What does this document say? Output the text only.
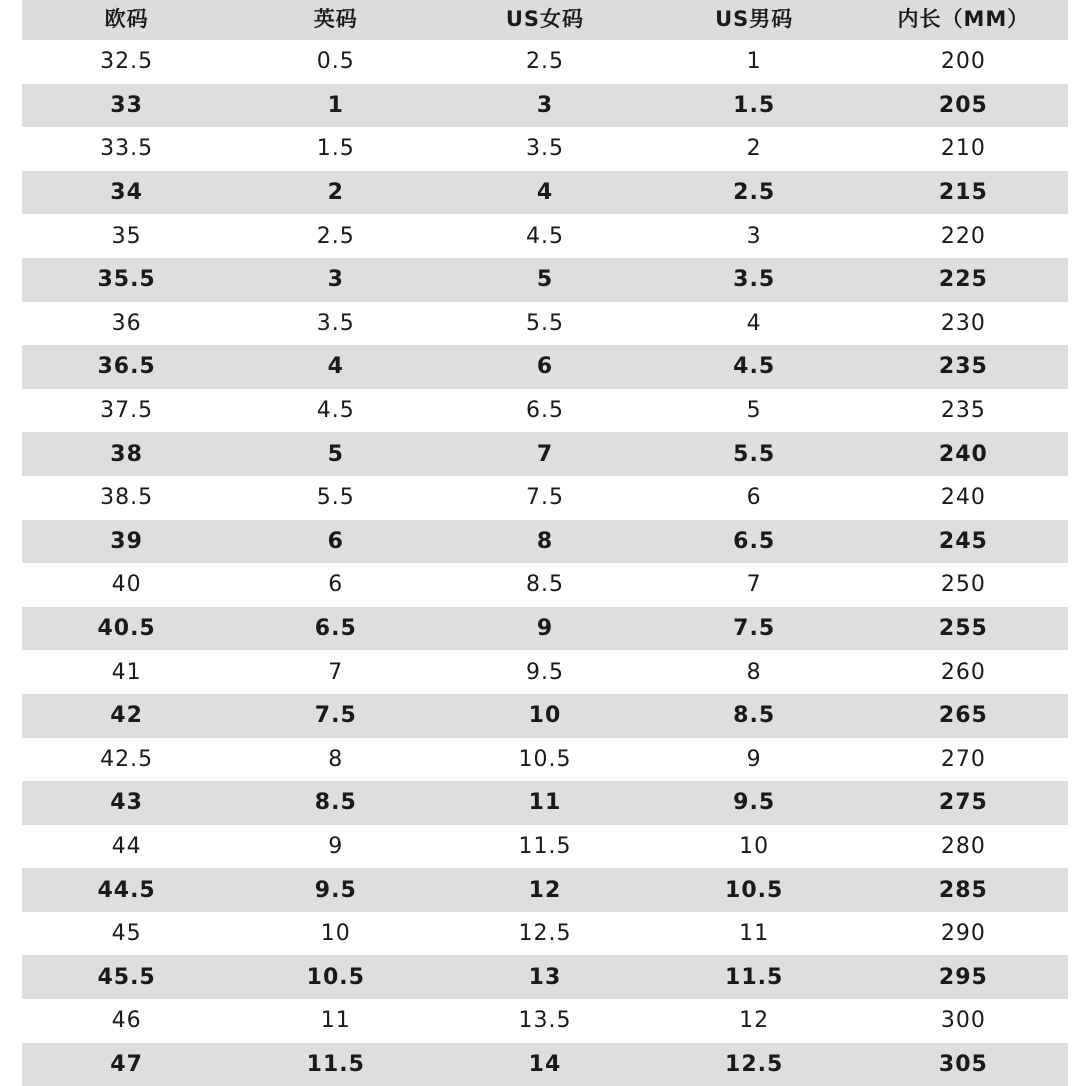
欧码	英码	US女码	US男码	内长（MM）
32.5	0.5	2.5	1	200
33	1	3	1.5	205
33.5	1.5	3.5	2	210
34	2	4	2.5	215
35	2.5	4.5	3	220
35.5	3	5	3.5	225
36	3.5	5.5	4	230
36.5	4	6	4.5	235
37.5	4.5	6.5	5	235
38	5	7	5.5	240
38.5	5.5	7.5	6	240
39	6	8	6.5	245
40	6	8.5	7	250
40.5	6.5	9	7.5	255
41	7	9.5	8	260
42	7.5	10	8.5	265
42.5	8	10.5	9	270
43	8.5	11	9.5	275
44	9	11.5	10	280
44.5	9.5	12	10.5	285
45	10	12.5	11	290
45.5	10.5	13	11.5	295
46	11	13.5	12	300
47	11.5	14	12.5	305
